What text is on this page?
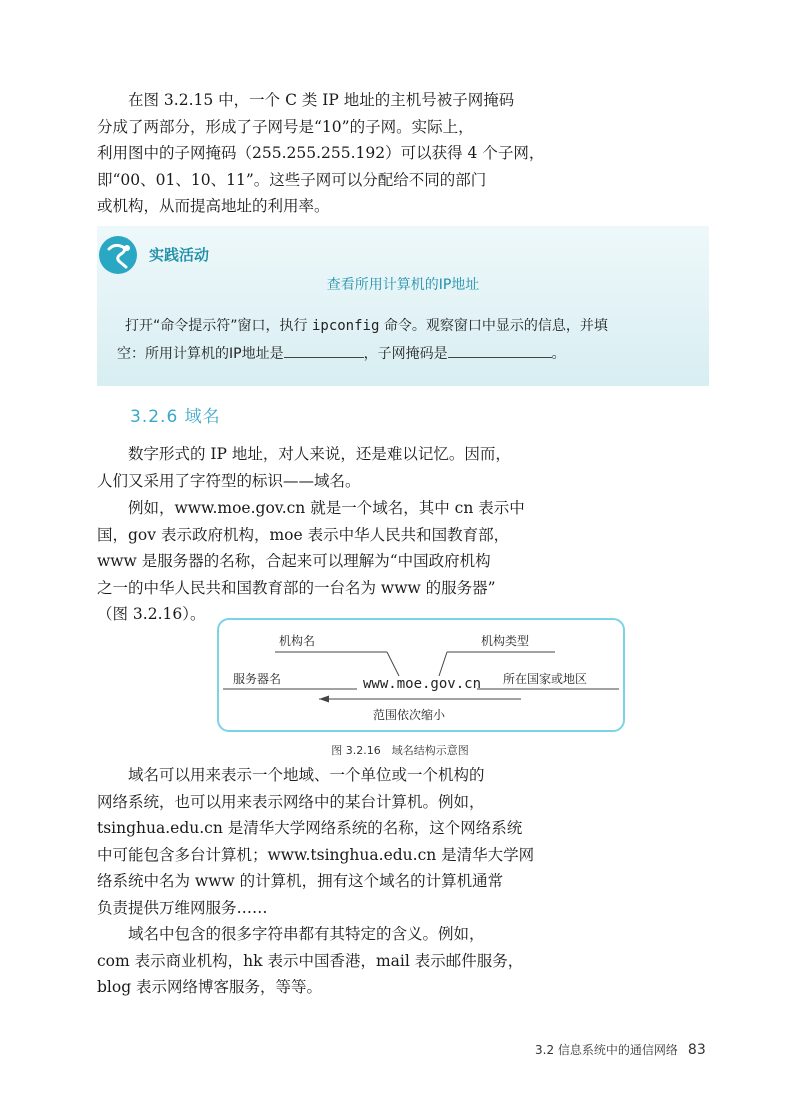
在图 3.2.15 中，一个 C 类 IP 地址的主机号被子网掩码
分成了两部分，形成了子网号是“10”的子网。实际上，
利用图中的子网掩码（255.255.255.192）可以获得 4 个子网，
即“00、01、10、11”。这些子网可以分配给不同的部门
或机构，从而提高地址的利用率。
实践活动
查看所用计算机的IP地址
打开“命令提示符”窗口，执行 ipconfig 命令。观察窗口中显示的信息，并填
空：所用计算机的IP地址是	，子网掩码是	。
3.2.6 域名
数字形式的 IP 地址，对人来说，还是难以记忆。因而，
人们又采用了字符型的标识——域名。
例如，www.moe.gov.cn 就是一个域名，其中 cn 表示中
国，gov 表示政府机构，moe 表示中华人民共和国教育部，
www 是服务器的名称，合起来可以理解为“中国政府机构
之一的中华人民共和国教育部的一台名为 www 的服务器”
（图 3.2.16）。
机构名	机构类型
服务器名	所在国家或地区
www.moe.gov.cn
范围依次缩小
图 3.2.16　域名结构示意图
域名可以用来表示一个地域、一个单位或一个机构的
网络系统，也可以用来表示网络中的某台计算机。例如，
tsinghua.edu.cn 是清华大学网络系统的名称，这个网络系统
中可能包含多台计算机；www.tsinghua.edu.cn 是清华大学网
络系统中名为 www 的计算机，拥有这个域名的计算机通常
负责提供万维网服务……
域名中包含的很多字符串都有其特定的含义。例如，
com 表示商业机构，hk 表示中国香港，mail 表示邮件服务，
blog 表示网络博客服务，等等。
3.2 信息系统中的通信网络 83
